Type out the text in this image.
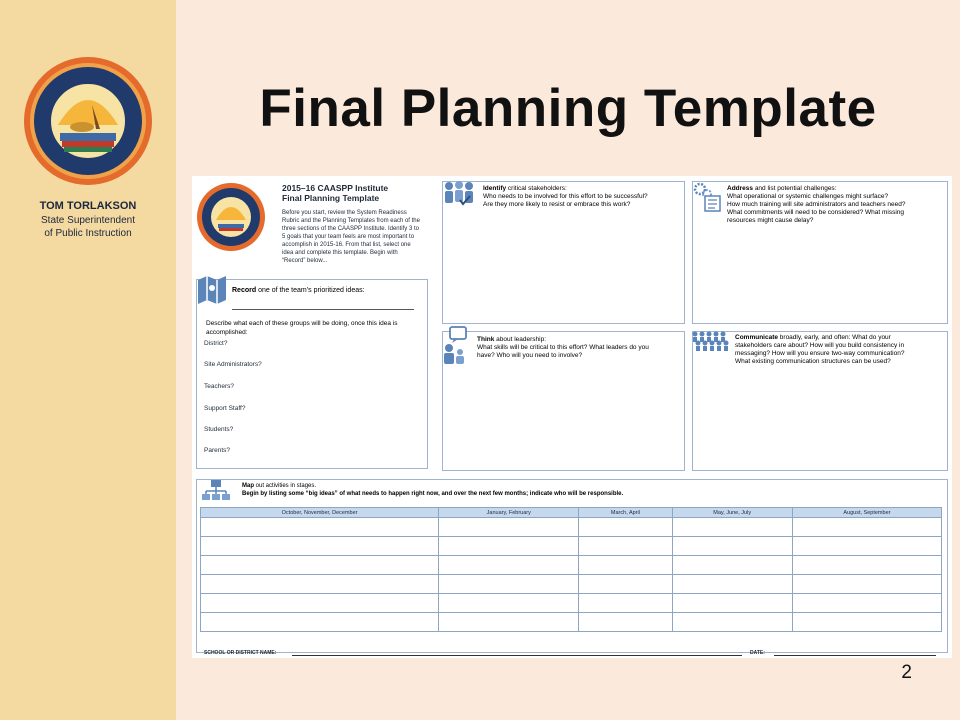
TOM TORLAKSON
State Superintendent
of Public Instruction
Final Planning Template
2015–16 CAASPP Institute
Final Planning Template
Before you start, review the System Readiness Rubric and the Planning Templates from each of the three sections of the CAASPP Institute. Identify 3 to 5 goals that your team feels are most important to accomplish in 2015-16. From that list, select one idea and complete this template. Begin with “Record” below...
Record one of the team’s prioritized ideas:
Describe what each of these groups will be doing, once this idea is accomplished:
District?
Site Administrators?
Teachers?
Support Staff?
Students?
Parents?
Identify critical stakeholders:
Who needs to be involved for this effort to be successful?
Are they more likely to resist or embrace this work?
Address and list potential challenges:
What operational or systemic challenges might surface?
How much training will site administrators and teachers need?
What commitments will need to be considered? What missing
resources might cause delay?
Think about leadership:
What skills will be critical to this effort? What leaders do you
have? Who will you need to involve?
Communicate broadly, early, and often: What do your
stakeholders care about? How will you build consistency in
messaging? How will you ensure two-way communication?
What existing communication structures can be used?
Map out activities in stages.
Begin by listing some “big ideas” of what needs to happen right now, and over the next few months; indicate who will be responsible.
October, November, December	January, February	March, April	May, June, July	August, September

SCHOOL OR DISTRICT NAME:	DATE:
2
